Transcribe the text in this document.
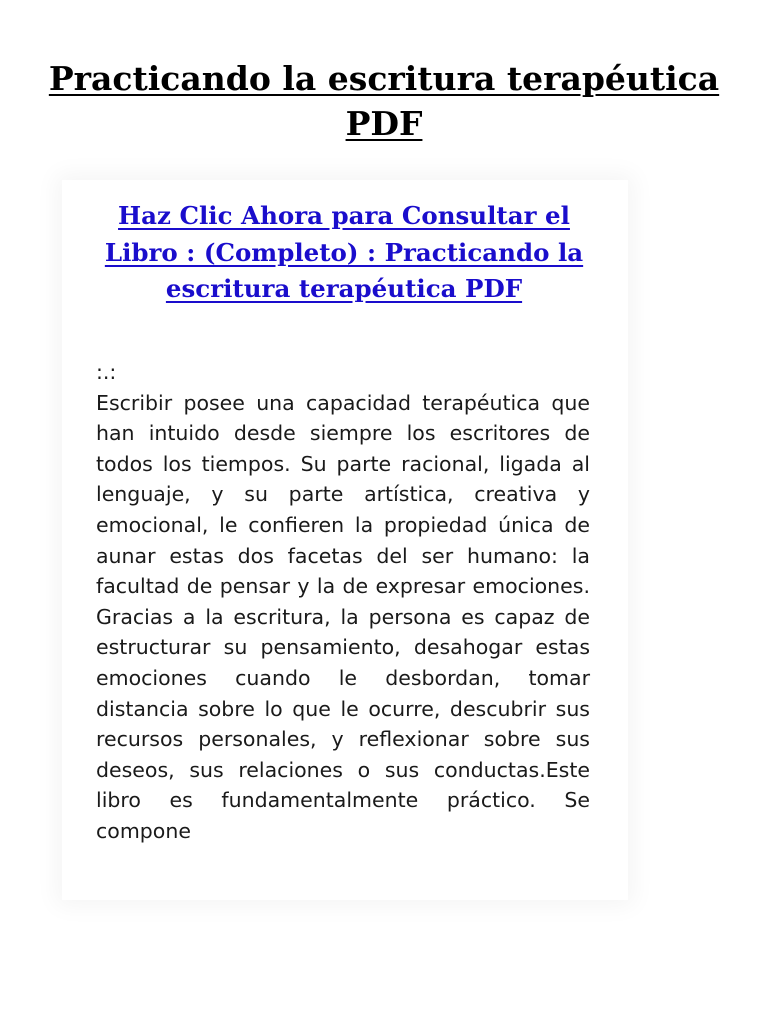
Practicando la escritura terapéutica PDF
Haz Clic Ahora para Consultar el Libro : (Completo) : Practicando la escritura terapéutica PDF

:.:
Escribir posee una capacidad terapéutica que han intuido desde siempre los escritores de todos los tiempos. Su parte racional, ligada al lenguaje, y su parte artística, creativa y emocional, le confieren la propiedad única de aunar estas dos facetas del ser humano: la facultad de pensar y la de expresar emociones. Gracias a la escritura, la persona es capaz de estructurar su pensamiento, desahogar estas emociones cuando le desbordan, tomar distancia sobre lo que le ocurre, descubrir sus recursos personales, y reflexionar sobre sus deseos, sus relaciones o sus conductas.Este libro es fundamentalmente práctico. Se compone
